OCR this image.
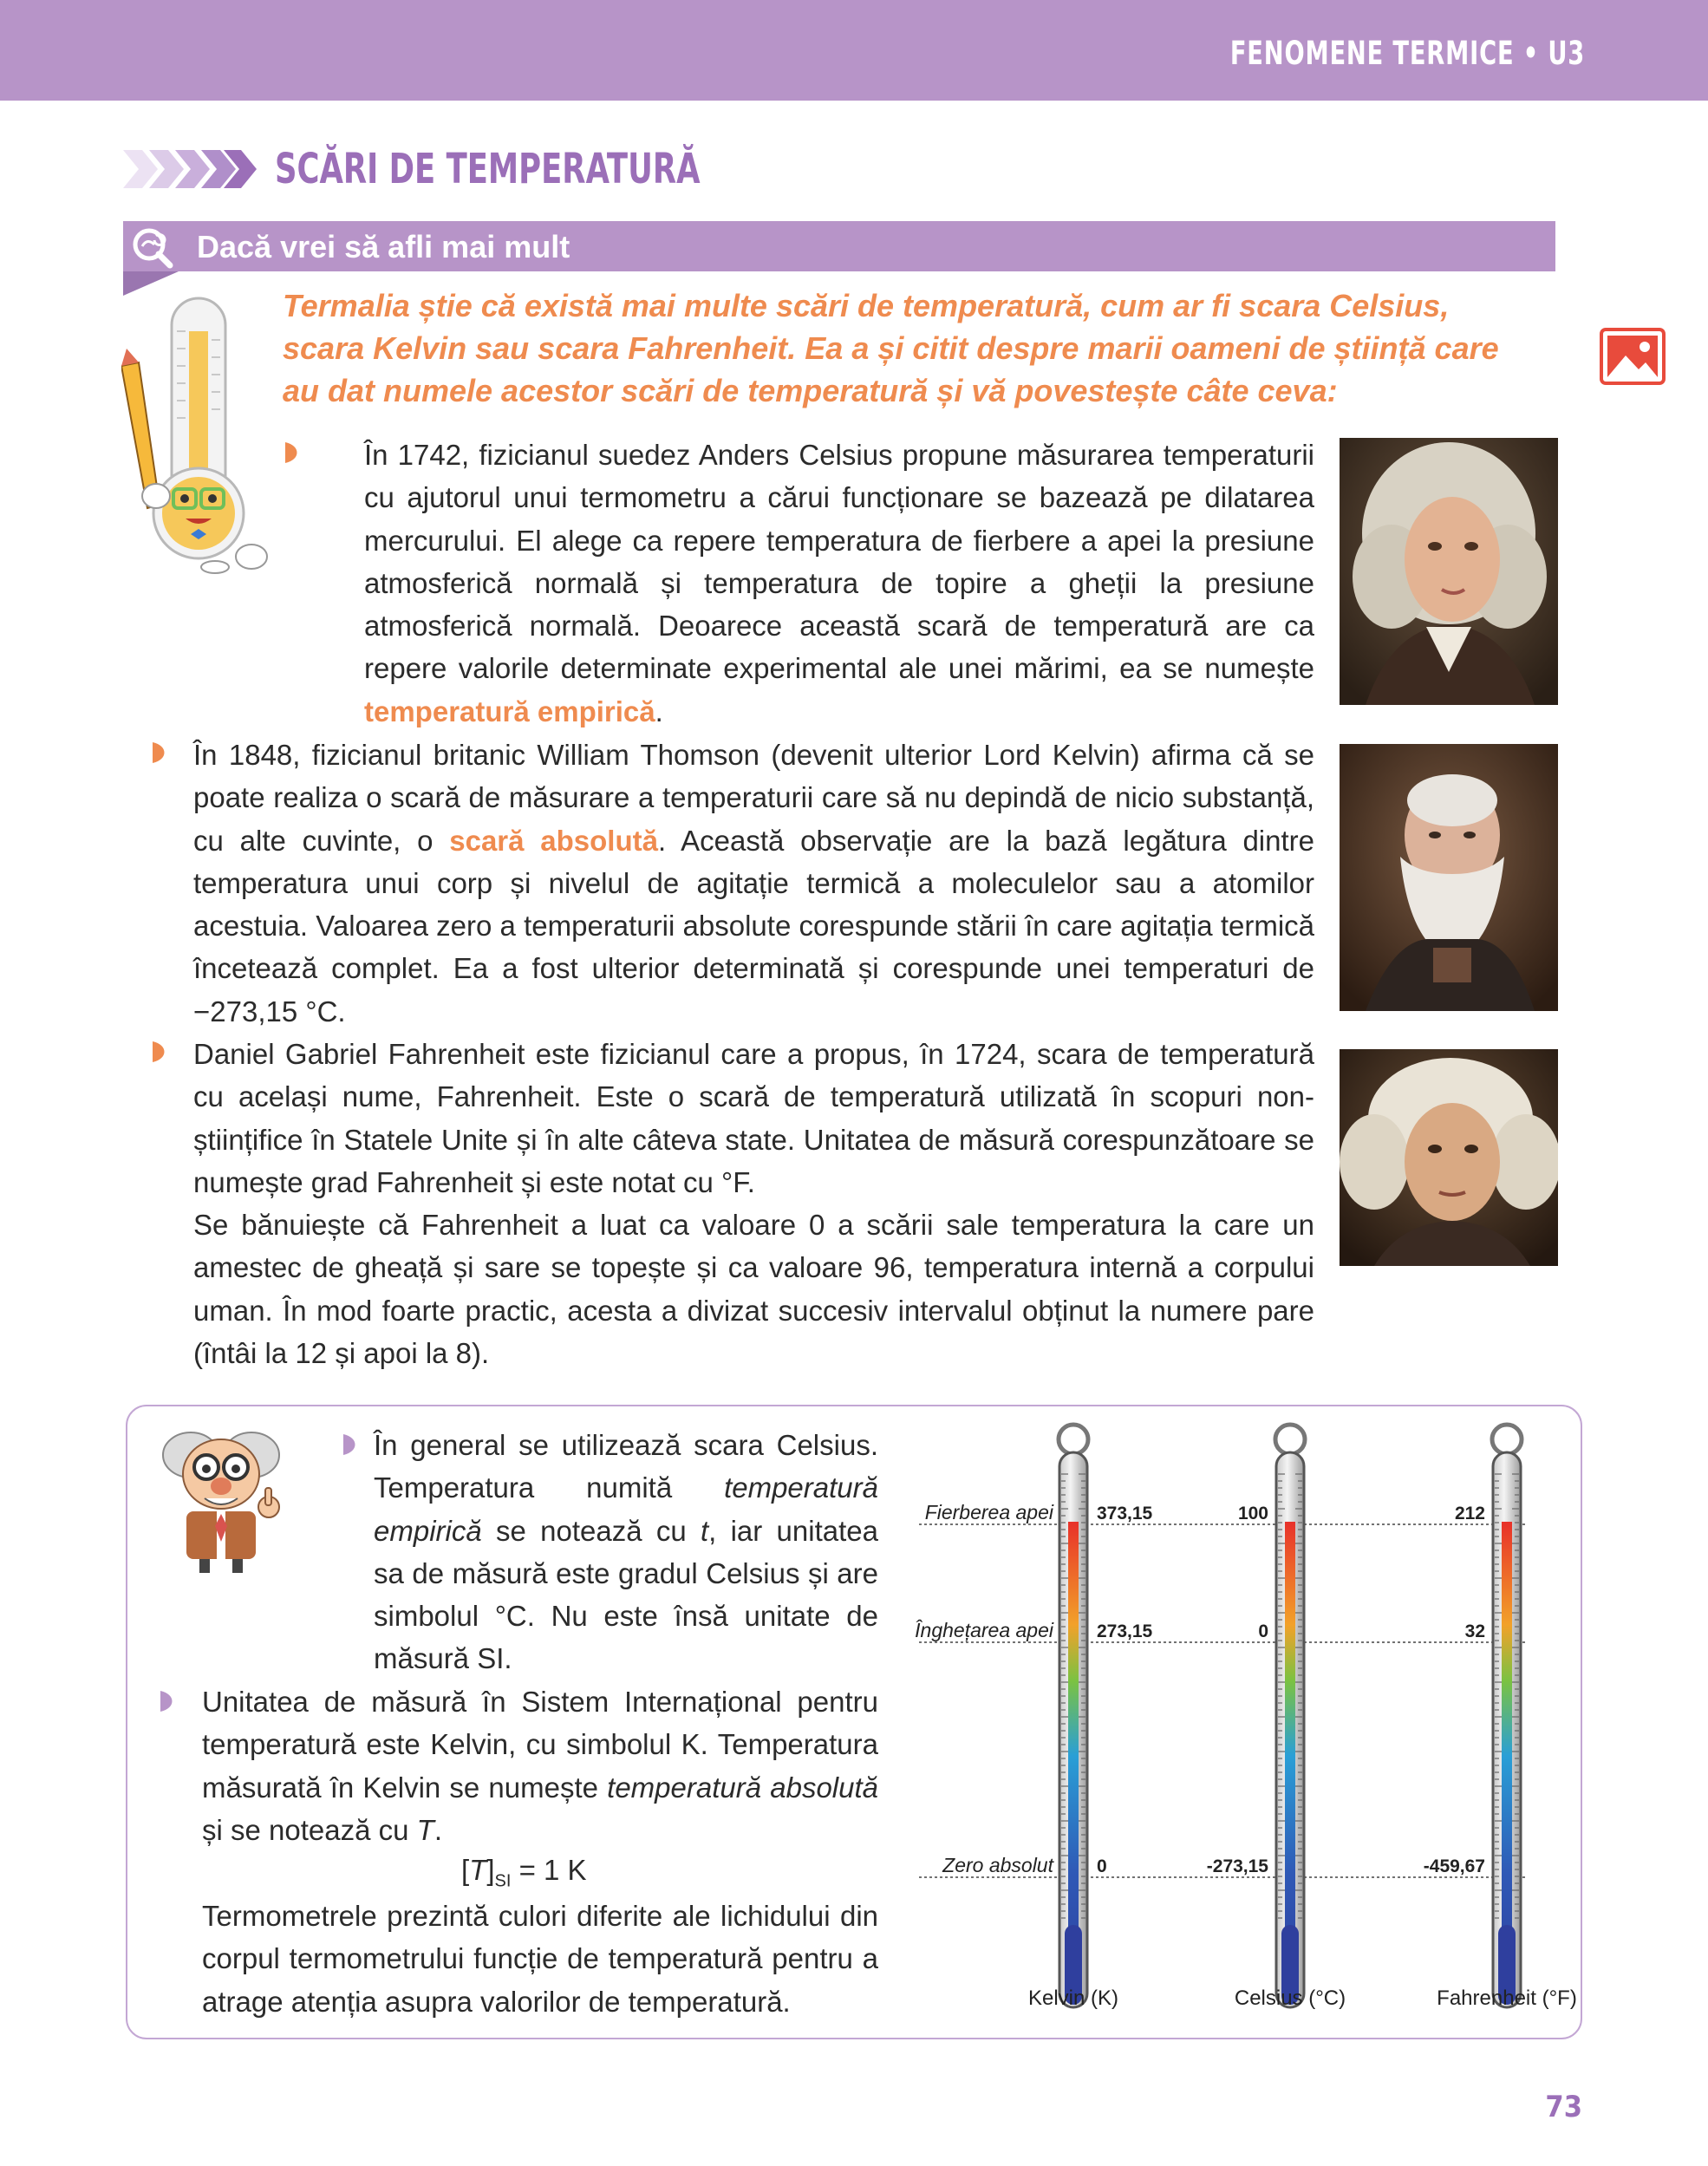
FENOMENE TERMICE • U3
SCĂRI DE TEMPERATURĂ
Dacă vrei să afli mai mult
Termalia știe că există mai multe scări de temperatură, cum ar fi scara Celsius, scara Kelvin sau scara Fahrenheit. Ea a și citit despre marii oameni de știință care au dat numele acestor scări de temperatură și vă povestește câte ceva:
În 1742, fizicianul suedez Anders Celsius propune măsurarea temperaturii cu ajutorul unui termometru a cărui funcționare se bazează pe dilatarea mercurului. El alege ca repere temperatura de fierbere a apei la presiune atmosferică normală și temperatura de topire a gheții la presiune atmosferică normală. Deoarece această scară de temperatură are ca repere valorile determinate experimental ale unei mărimi, ea se numește temperatură empirică.
În 1848, fizicianul britanic William Thomson (devenit ulterior Lord Kelvin) afirma că se poate realiza o scară de măsurare a temperaturii care să nu depindă de nicio substanță, cu alte cuvinte, o scară absolută. Această observație are la bază legătura dintre temperatura unui corp și nivelul de agitație termică a moleculelor sau a atomilor acestuia. Valoarea zero a temperaturii absolute corespunde stării în care agitația termică încetează complet. Ea a fost ulterior determinată și corespunde unei temperaturi de −273,15 °C.
Daniel Gabriel Fahrenheit este fizicianul care a propus, în 1724, scara de temperatură cu același nume, Fahrenheit. Este o scară de temperatură utilizată în scopuri non-științifice în Statele Unite și în alte câteva state. Unitatea de măsură corespunzătoare se numește grad Fahrenheit și este notat cu °F.
Se bănuiește că Fahrenheit a luat ca valoare 0 a scării sale temperatura la care un amestec de gheață și sare se topește și ca valoare 96, temperatura internă a corpului uman. În mod foarte practic, acesta a divizat succesiv intervalul obținut la numere pare (întâi la 12 și apoi la 8).
În general se utilizează scara Celsius. Temperatura numită temperatură empirică se notează cu t, iar unitatea sa de măsură este gradul Celsius și are simbolul °C. Nu este însă unitate de măsură SI.
Unitatea de măsură în Sistem Internațional pentru temperatură este Kelvin, cu simbolul K. Temperatura măsurată în Kelvin se numește temperatură absolută și se notează cu T.
$[T]_{SI} = 1$ K
Termometrele prezintă culori diferite ale lichidului din corpul termometrului funcție de temperatură pentru a atrage atenția asupra valorilor de temperatură.
Fierberea apei
Înghețarea apei
Zero absolut
373,15
273,15
0
100
0
-273,15
212
32
-459,67
Kelvin (K)	Celsius (°C)	Fahrenheit (°F)
73
